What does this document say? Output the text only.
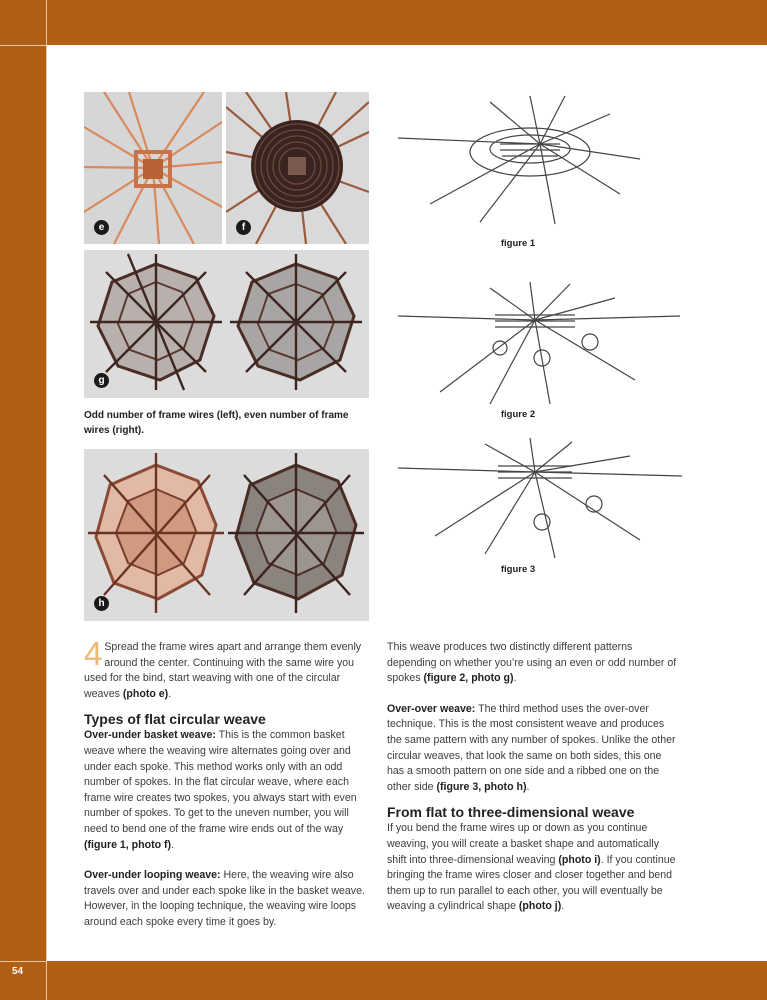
54
e	f
g
Odd number of frame wires (left), even number of frame wires (right).
h
figure 1
figure 2
figure 3

4 Spread the frame wires apart and arrange them evenly around the center. Continuing with the same wire you used for the bind, start weaving with one of the circular weaves (photo e).

Types of flat circular weave

Over-under basket weave: This is the common basket weave where the weaving wire alternates going over and under each spoke. This method works only with an odd number of spokes. In the flat circular weave, where each frame wire creates two spokes, you always start with even number of spokes. To get to the uneven number, you will need to bend one of the frame wire ends out of the way (figure 1, photo f).

Over-under looping weave: Here, the weaving wire also travels over and under each spoke like in the basket weave. However, in the looping technique, the weaving wire loops around each spoke every time it goes by.

This weave produces two distinctly different patterns depending on whether you’re using an even or odd number of spokes (figure 2, photo g).

Over-over weave: The third method uses the over-over technique. This is the most consistent weave and produces the same pattern with any number of spokes. Unlike the other circular weaves, that look the same on both sides, this one has a smooth pattern on one side and a ribbed one on the other side (figure 3, photo h).

From flat to three-dimensional weave

If you bend the frame wires up or down as you continue weaving, you will create a basket shape and automatically shift into three-dimensional weaving (photo i). If you continue bringing the frame wires closer and closer together and bend them up to run parallel to each other, you will eventually be weaving a cylindrical shape (photo j).
